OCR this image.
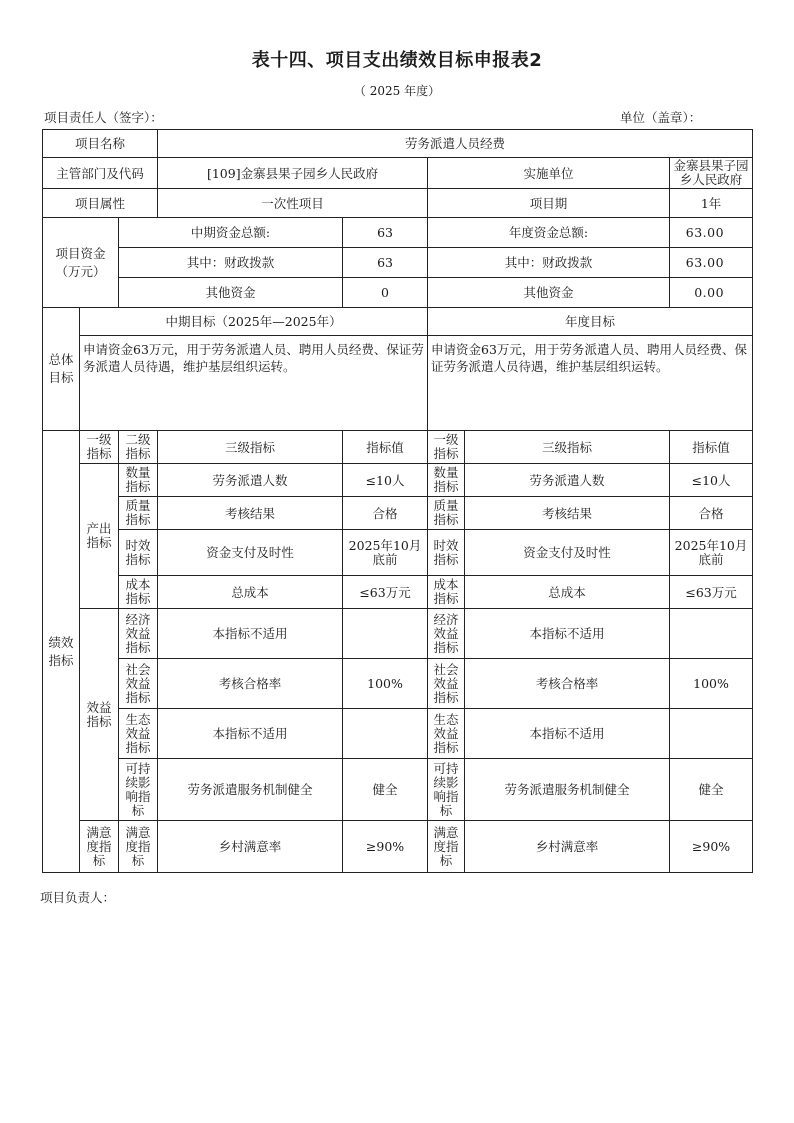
表十四、项目支出绩效目标申报表2
（ 2025 年度）
项目责任人（签字）：	单位（盖章）：
项目名称			劳务派遣人员经费				
主管部门及代码			[109]金寨县果子园乡人民政府		实施单位		金寨县果子园乡人民政府
项目属性			一次性项目		项目期		1年
项目资金（万元）		中期资金总额:		63	年度资金总额:		63.00
		其中：财政拨款		63	其中：财政拨款		63.00
		其他资金		0	其他资金		0.00
总体目标	中期目标（2025年—2025年）				年度目标		
	申请资金63万元，用于劳务派遣人员、聘用人员经费、保证劳务派遣人员待遇，维护基层组织运转。				申请资金63万元，用于劳务派遣人员、聘用人员经费、保证劳务派遣人员待遇，维护基层组织运转。		
绩效指标	一级指标	二级指标	三级指标	指标值	一级指标	三级指标	指标值
	产出指标	数量指标	劳务派遣人数	≤10人	数量指标	劳务派遣人数	≤10人
		质量指标	考核结果	合格	质量指标	考核结果	合格
		时效指标	资金支付及时性	2025年10月底前	时效指标	资金支付及时性	2025年10月底前
		成本指标	总成本	≤63万元	成本指标	总成本	≤63万元
	效益指标	经济效益指标	本指标不适用		经济效益指标	本指标不适用	
		社会效益指标	考核合格率	100%	社会效益指标	考核合格率	100%
		生态效益指标	本指标不适用		生态效益指标	本指标不适用	
		可持续影响指标	劳务派遣服务机制健全	健全	可持续影响指标	劳务派遣服务机制健全	健全
	满意度指标	满意度指标	乡村满意率	≥90%	满意度指标	乡村满意率	≥90%
项目负责人：
